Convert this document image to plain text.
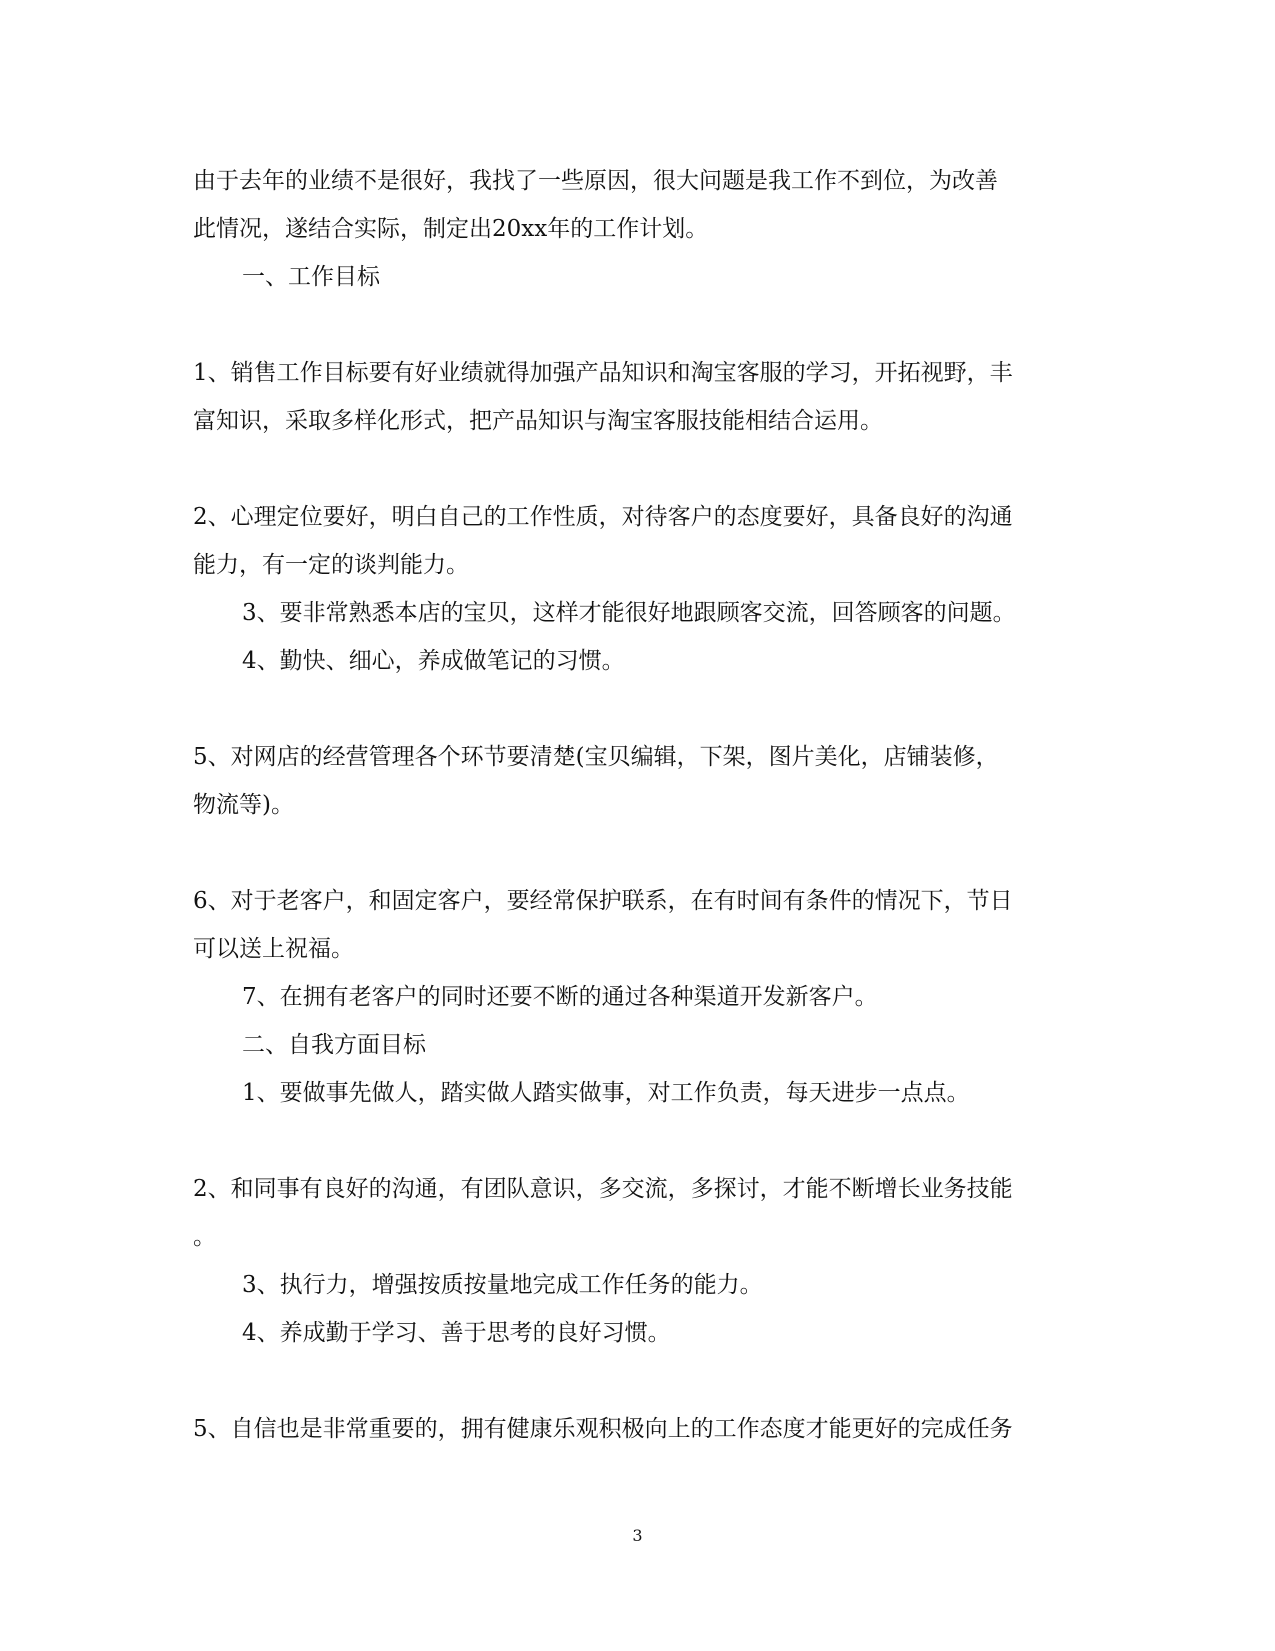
由于去年的业绩不是很好，我找了一些原因，很大问题是我工作不到位，为改善
此情况，遂结合实际，制定出20xx年的工作计划。
一、工作目标
1、销售工作目标要有好业绩就得加强产品知识和淘宝客服的学习，开拓视野，丰
富知识，采取多样化形式，把产品知识与淘宝客服技能相结合运用。
2、心理定位要好，明白自己的工作性质，对待客户的态度要好，具备良好的沟通
能力，有一定的谈判能力。
3、要非常熟悉本店的宝贝，这样才能很好地跟顾客交流，回答顾客的问题。
4、勤快、细心，养成做笔记的习惯。
5、对网店的经营管理各个环节要清楚(宝贝编辑，下架，图片美化，店铺装修，
物流等)。
6、对于老客户，和固定客户，要经常保护联系，在有时间有条件的情况下，节日
可以送上祝福。
7、在拥有老客户的同时还要不断的通过各种渠道开发新客户。
二、自我方面目标
1、要做事先做人，踏实做人踏实做事，对工作负责，每天进步一点点。
2、和同事有良好的沟通，有团队意识，多交流，多探讨，才能不断增长业务技能
。
3、执行力，增强按质按量地完成工作任务的能力。
4、养成勤于学习、善于思考的良好习惯。
5、自信也是非常重要的，拥有健康乐观积极向上的工作态度才能更好的完成任务
3
